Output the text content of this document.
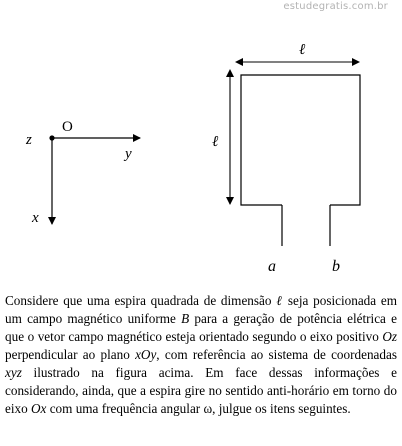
estudegratis.com.br
O
z
y
x
ℓ
ℓ
a	b

Considere que uma espira quadrada de dimensão ℓ seja posicionada em um campo magnético uniforme B para a geração de potência elétrica e que o vetor campo magnético esteja orientado segundo o eixo positivo Oz perpendicular ao plano xOy, com referência ao sistema de coordenadas xyz ilustrado na figura acima. Em face dessas informações e considerando, ainda, que a espira gire no sentido anti-horário em torno do eixo Ox com uma frequência angular ω, julgue os itens seguintes.
